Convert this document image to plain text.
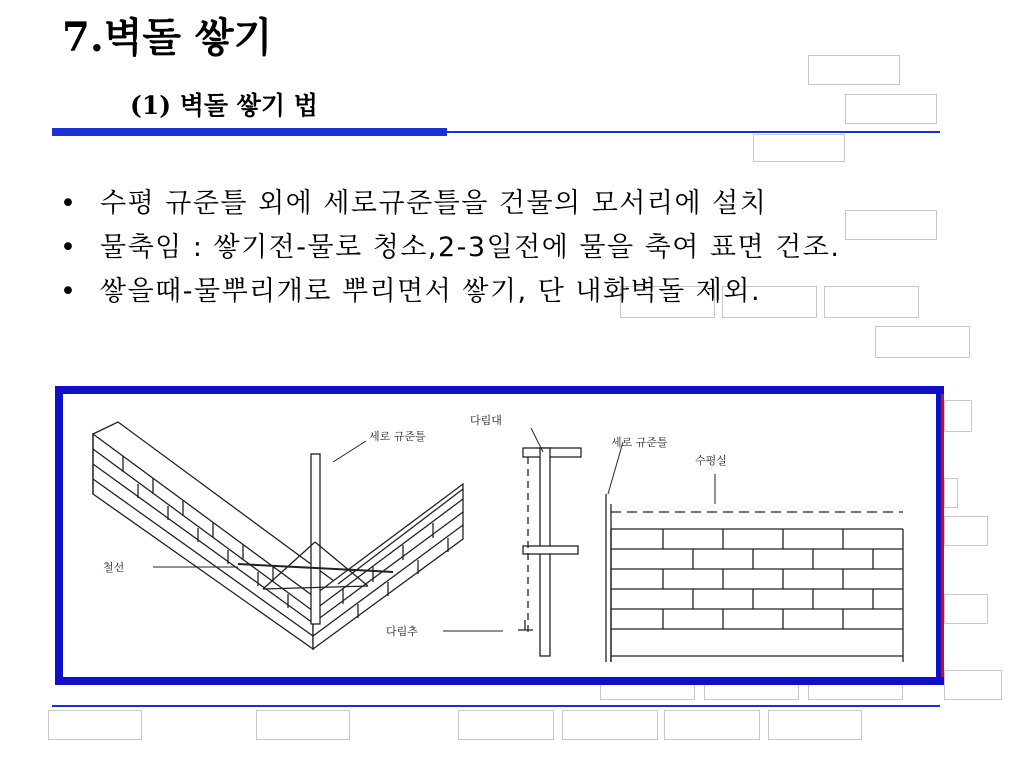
7.벽돌 쌓기
(1) 벽돌 쌓기 법
• 수평 규준틀 외에 세로규준틀을 건물의 모서리에 설치
• 물축임 : 쌓기전-물로 청소,2-3일전에 물을 축여 표면 건조.
• 쌓을때-물뿌리개로 뿌리면서 쌓기, 단 내화벽돌 제외.
세로 규준틀
철선
다림추
다림대
세로 규준틀
수평실
